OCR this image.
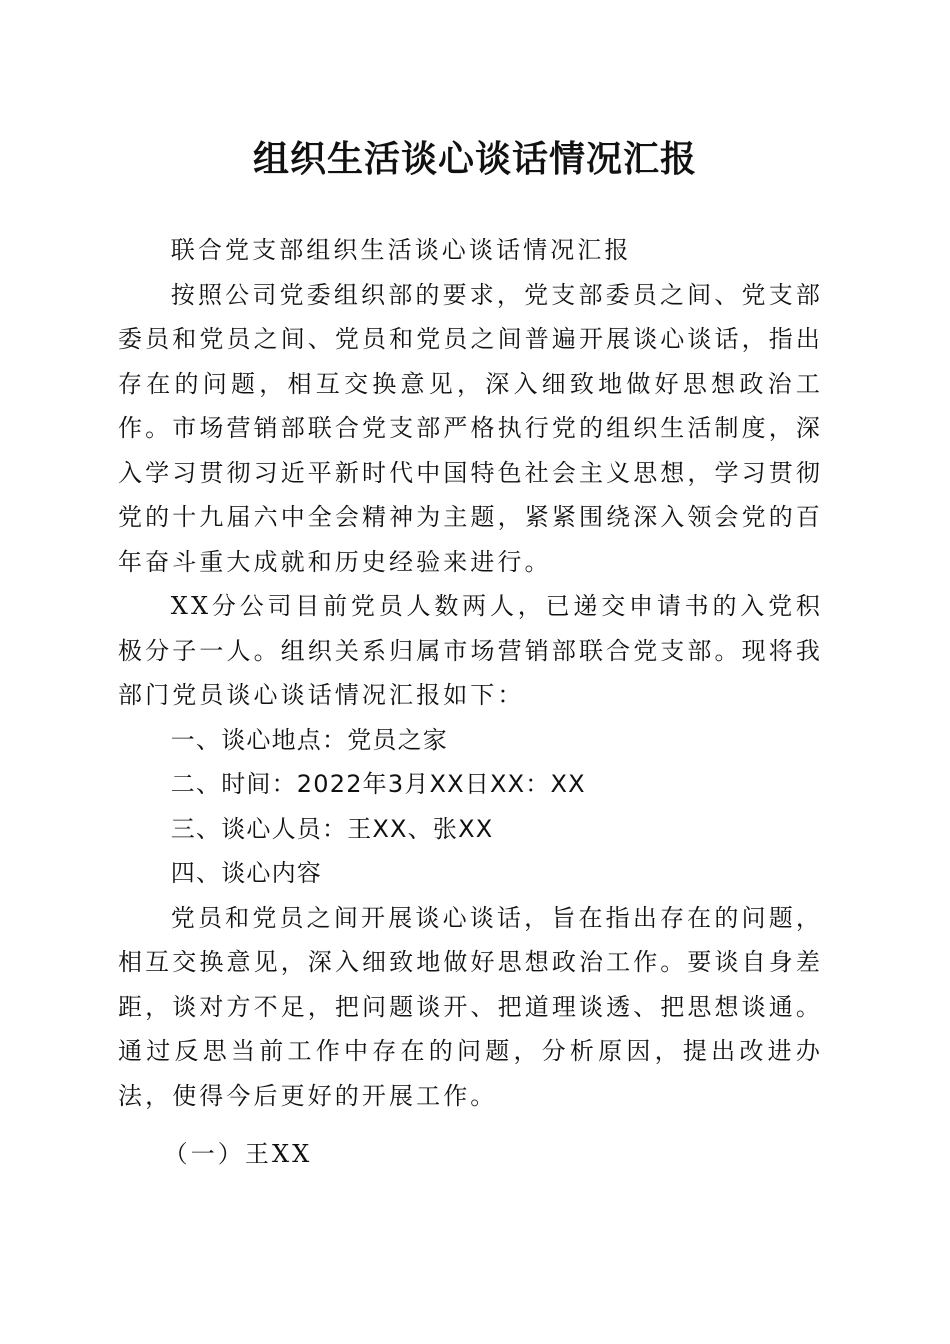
组织生活谈心谈话情况汇报

联合党支部组织生活谈心谈话情况汇报

按照公司党委组织部的要求，党支部委员之间、党支部委员和党员之间、党员和党员之间普遍开展谈心谈话，指出存在的问题，相互交换意见，深入细致地做好思想政治工作。市场营销部联合党支部严格执行党的组织生活制度，深入学习贯彻习近平新时代中国特色社会主义思想，学习贯彻党的十九届六中全会精神为主题，紧紧围绕深入领会党的百年奋斗重大成就和历史经验来进行。

XX分公司目前党员人数两人，已递交申请书的入党积极分子一人。组织关系归属市场营销部联合党支部。现将我部门党员谈心谈话情况汇报如下：

一、谈心地点：党员之家

二、时间：2022年3月XX日XX：XX

三、谈心人员：王XX、张XX

四、谈心内容

党员和党员之间开展谈心谈话，旨在指出存在的问题，相互交换意见，深入细致地做好思想政治工作。要谈自身差距，谈对方不足，把问题谈开、把道理谈透、把思想谈通。通过反思当前工作中存在的问题，分析原因，提出改进办法，使得今后更好的开展工作。

（一）王XX
